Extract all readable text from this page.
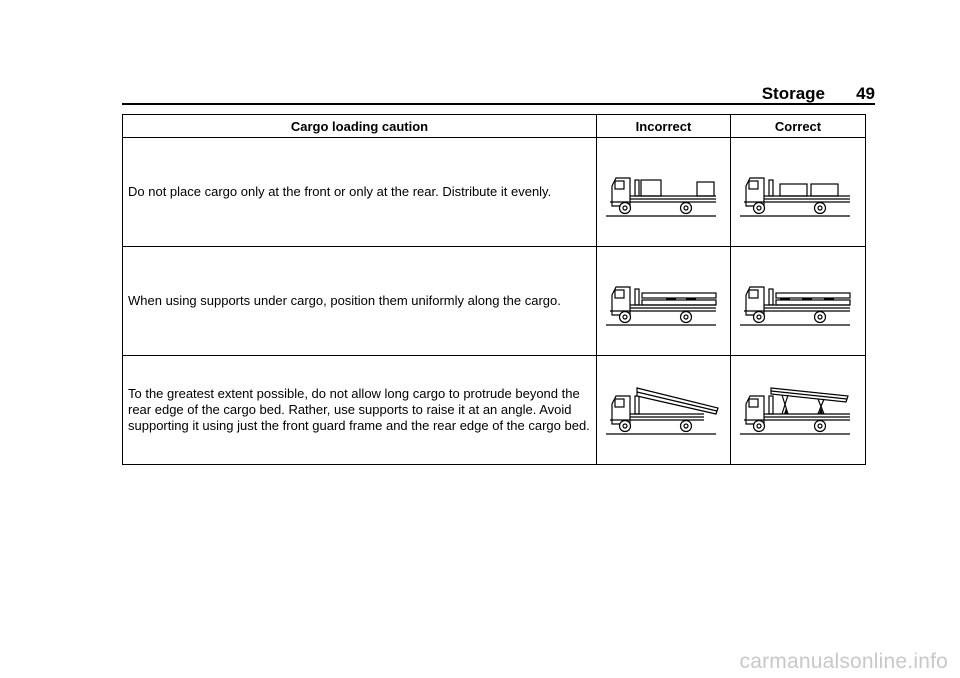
Storage 49
Cargo loading caution	Incorrect	Correct
Do not place cargo only at the front or only at the rear. Distribute it evenly.	

When using supports under cargo, position them uniformly along the cargo.	

To the greatest extent possible, do not allow long cargo to protrude beyond the rear edge of the cargo bed. Rather, use supports to raise it at an angle. Avoid supporting it using just the front guard frame and the rear edge of the cargo bed.	

carmanualsonline.info
